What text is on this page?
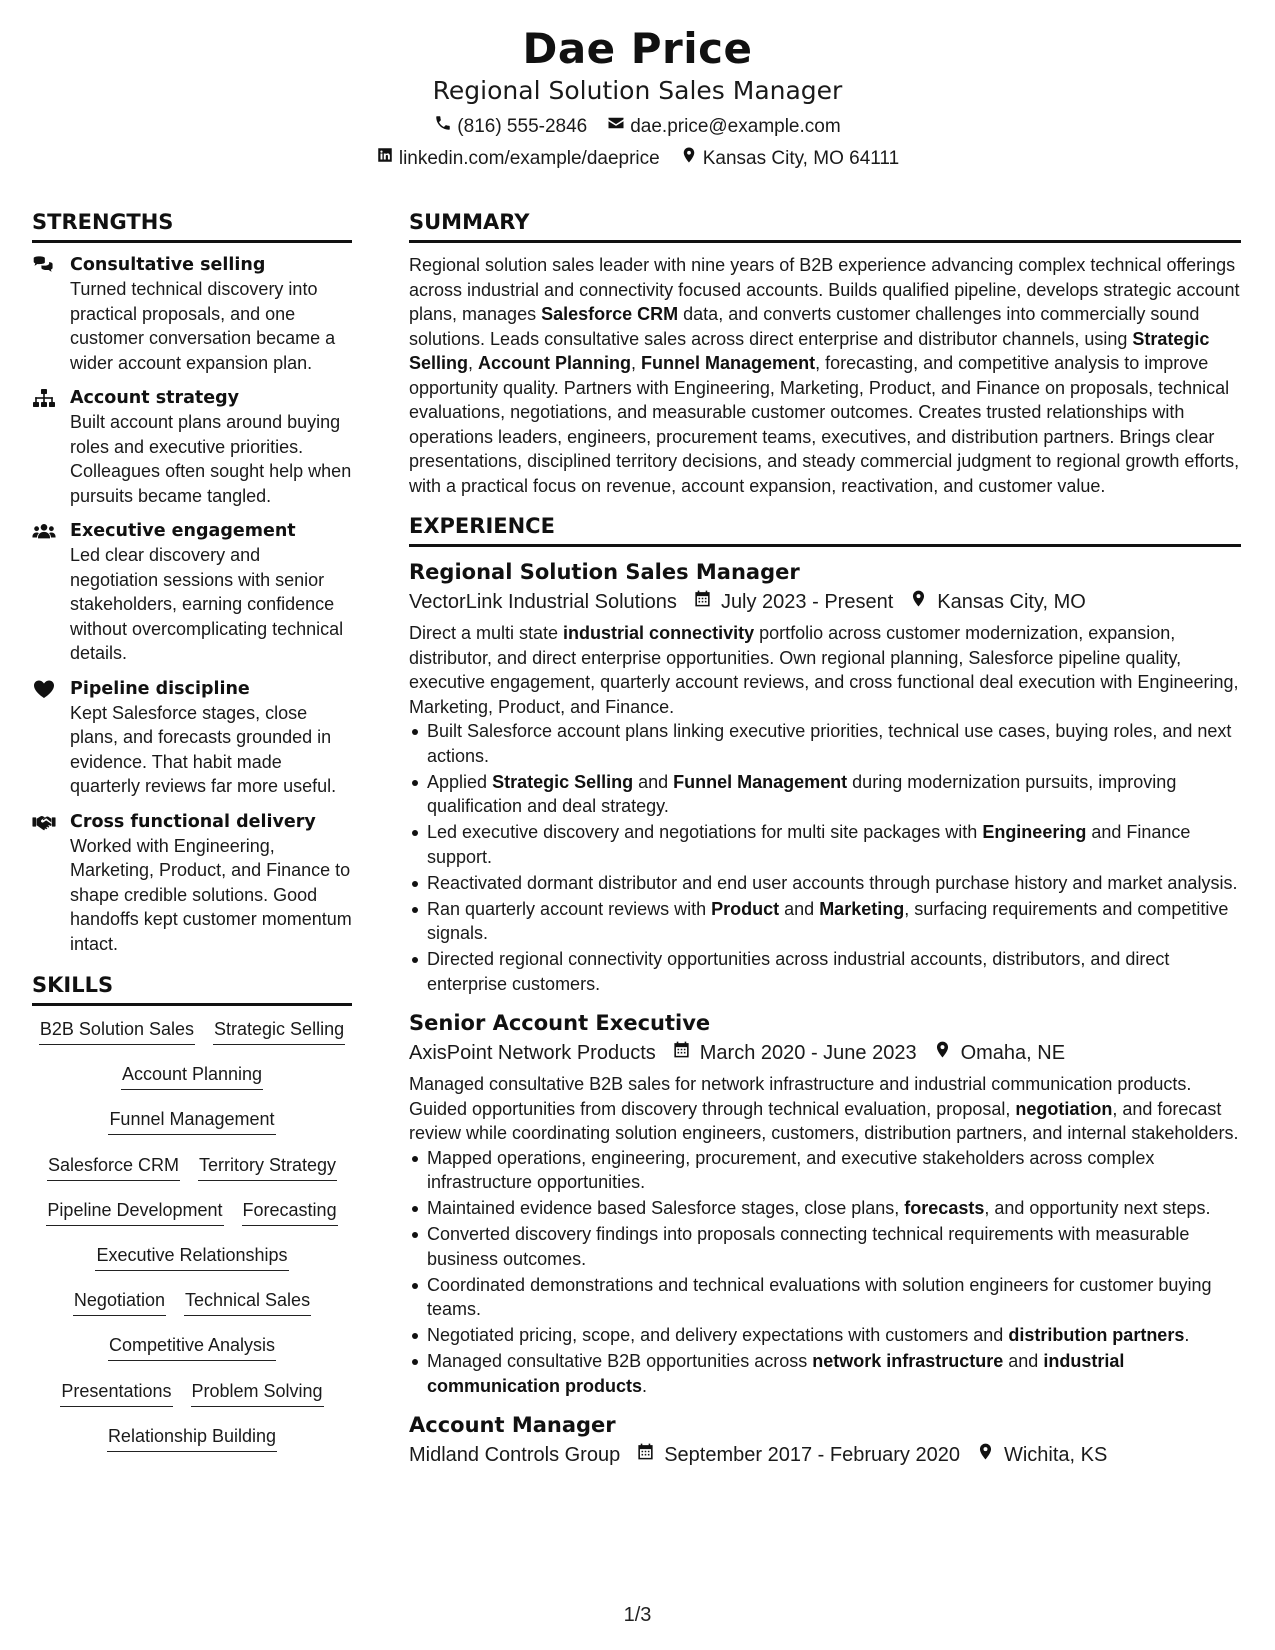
Dae Price
Regional Solution Sales Manager
(816) 555-2846 dae.price@example.com
linkedin.com/example/daeprice Kansas City, MO 64111
STRENGTHS
Consultative selling
Turned technical discovery into practical proposals, and one customer conversation became a wider account expansion plan.
Account strategy
Built account plans around buying roles and executive priorities. Colleagues often sought help when pursuits became tangled.
Executive engagement
Led clear discovery and negotiation sessions with senior stakeholders, earning confidence without overcomplicating technical details.
Pipeline discipline
Kept Salesforce stages, close plans, and forecasts grounded in evidence. That habit made quarterly reviews far more useful.
Cross functional delivery
Worked with Engineering, Marketing, Product, and Finance to shape credible solutions. Good handoffs kept customer momentum intact.
SKILLS
B2B Solution Sales Strategic Selling
Account Planning
Funnel Management
Salesforce CRM Territory Strategy
Pipeline Development Forecasting
Executive Relationships
Negotiation Technical Sales
Competitive Analysis
Presentations Problem Solving
Relationship Building
SUMMARY
Regional solution sales leader with nine years of B2B experience advancing complex technical offerings across industrial and connectivity focused accounts. Builds qualified pipeline, develops strategic account plans, manages Salesforce CRM data, and converts customer challenges into commercially sound solutions. Leads consultative sales across direct enterprise and distributor channels, using Strategic Selling, Account Planning, Funnel Management, forecasting, and competitive analysis to improve opportunity quality. Partners with Engineering, Marketing, Product, and Finance on proposals, technical evaluations, negotiations, and measurable customer outcomes. Creates trusted relationships with operations leaders, engineers, procurement teams, executives, and distribution partners. Brings clear presentations, disciplined territory decisions, and steady commercial judgment to regional growth efforts, with a practical focus on revenue, account expansion, reactivation, and customer value.
EXPERIENCE
Regional Solution Sales Manager
VectorLink Industrial Solutions July 2023 - Present Kansas City, MO
Direct a multi state industrial connectivity portfolio across customer modernization, expansion, distributor, and direct enterprise opportunities. Own regional planning, Salesforce pipeline quality, executive engagement, quarterly account reviews, and cross functional deal execution with Engineering, Marketing, Product, and Finance.
Built Salesforce account plans linking executive priorities, technical use cases, buying roles, and next actions.
Applied Strategic Selling and Funnel Management during modernization pursuits, improving qualification and deal strategy.
Led executive discovery and negotiations for multi site packages with Engineering and Finance support.
Reactivated dormant distributor and end user accounts through purchase history and market analysis.
Ran quarterly account reviews with Product and Marketing, surfacing requirements and competitive signals.
Directed regional connectivity opportunities across industrial accounts, distributors, and direct enterprise customers.
Senior Account Executive
AxisPoint Network Products March 2020 - June 2023 Omaha, NE
Managed consultative B2B sales for network infrastructure and industrial communication products. Guided opportunities from discovery through technical evaluation, proposal, negotiation, and forecast review while coordinating solution engineers, customers, distribution partners, and internal stakeholders.
Mapped operations, engineering, procurement, and executive stakeholders across complex infrastructure opportunities.
Maintained evidence based Salesforce stages, close plans, forecasts, and opportunity next steps.
Converted discovery findings into proposals connecting technical requirements with measurable business outcomes.
Coordinated demonstrations and technical evaluations with solution engineers for customer buying teams.
Negotiated pricing, scope, and delivery expectations with customers and distribution partners.
Managed consultative B2B opportunities across network infrastructure and industrial communication products.
Account Manager
Midland Controls Group September 2017 - February 2020 Wichita, KS
1/3
